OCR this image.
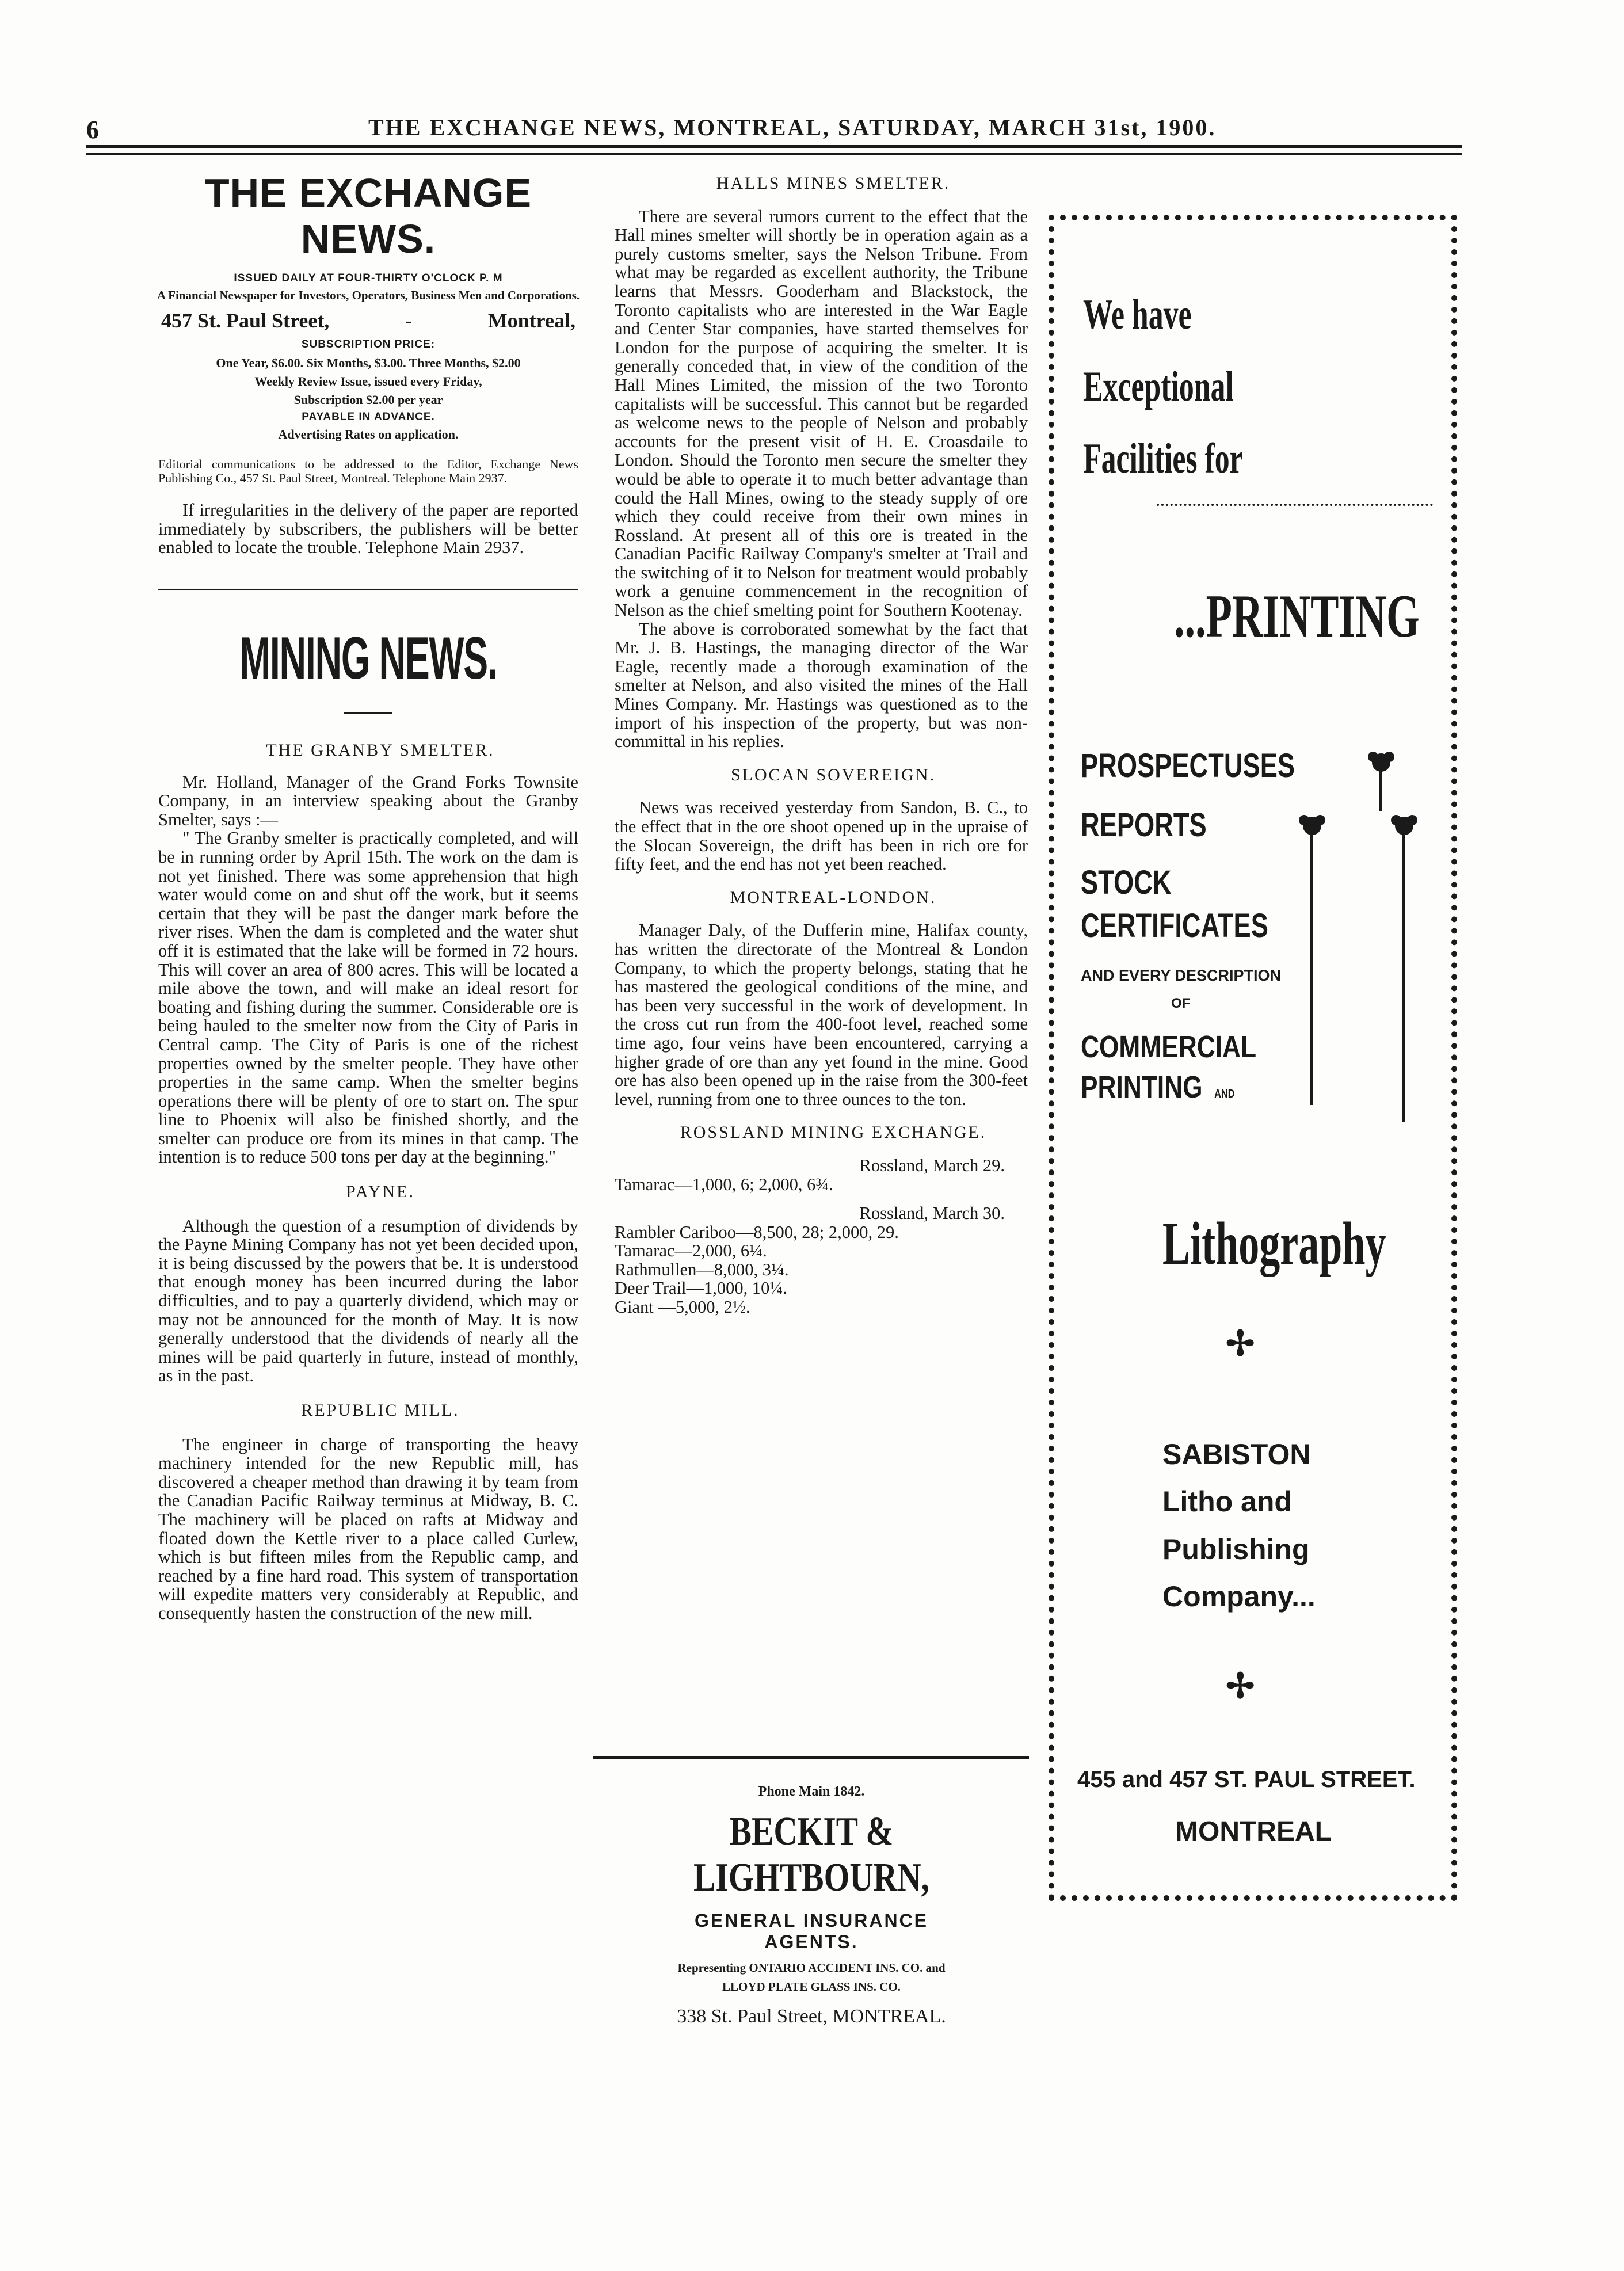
6	THE EXCHANGE NEWS, MONTREAL, SATURDAY, MARCH 31st, 1900.
THE EXCHANGE NEWS.
ISSUED DAILY AT FOUR-THIRTY O'CLOCK P. M
A Financial Newspaper for Investors, Operators, Business Men and Corporations.
457 St. Paul Street,	-	Montreal,
SUBSCRIPTION PRICE:
One Year, $6.00. Six Months, $3.00. Three Months, $2.00
Weekly Review Issue, issued every Friday,
Subscription $2.00 per year
PAYABLE IN ADVANCE.
Advertising Rates on application.

Editorial communications to be addressed to the Editor, Exchange News Publishing Co., 457 St. Paul Street, Montreal. Telephone Main 2937.

If irregularities in the delivery of the paper are reported immediately by subscribers, the publishers will be better enabled to locate the trouble. Telephone Main 2937.

MINING NEWS.

THE GRANBY SMELTER.

Mr. Holland, Manager of the Grand Forks Townsite Company, in an interview speaking about the Granby Smelter, says :—

" The Granby smelter is practically completed, and will be in running order by April 15th. The work on the dam is not yet finished. There was some apprehension that high water would come on and shut off the work, but it seems certain that they will be past the danger mark before the river rises. When the dam is completed and the water shut off it is estimated that the lake will be formed in 72 hours. This will cover an area of 800 acres. This will be located a mile above the town, and will make an ideal resort for boating and fishing during the summer. Considerable ore is being hauled to the smelter now from the City of Paris in Central camp. The City of Paris is one of the richest properties owned by the smelter people. They have other properties in the same camp. When the smelter begins operations there will be plenty of ore to start on. The spur line to Phoenix will also be finished shortly, and the smelter can produce ore from its mines in that camp. The intention is to reduce 500 tons per day at the beginning."

PAYNE.

Although the question of a resumption of dividends by the Payne Mining Company has not yet been decided upon, it is being discussed by the powers that be. It is understood that enough money has been incurred during the labor difficulties, and to pay a quarterly dividend, which may or may not be announced for the month of May. It is now generally understood that the dividends of nearly all the mines will be paid quarterly in future, instead of monthly, as in the past.

REPUBLIC MILL.

The engineer in charge of transporting the heavy machinery intended for the new Republic mill, has discovered a cheaper method than drawing it by team from the Canadian Pacific Railway terminus at Midway, B. C. The machinery will be placed on rafts at Midway and floated down the Kettle river to a place called Curlew, which is but fifteen miles from the Republic camp, and reached by a fine hard road. This system of transportation will expedite matters very considerably at Republic, and consequently hasten the construction of the new mill.

HALLS MINES SMELTER.

There are several rumors current to the effect that the Hall mines smelter will shortly be in operation again as a purely customs smelter, says the Nelson Tribune. From what may be regarded as excellent authority, the Tribune learns that Messrs. Gooderham and Blackstock, the Toronto capitalists who are interested in the War Eagle and Center Star companies, have started themselves for London for the purpose of acquiring the smelter. It is generally conceded that, in view of the condition of the Hall Mines Limited, the mission of the two Toronto capitalists will be successful. This cannot but be regarded as welcome news to the people of Nelson and probably accounts for the present visit of H. E. Croasdaile to London. Should the Toronto men secure the smelter they would be able to operate it to much better advantage than could the Hall Mines, owing to the steady supply of ore which they could receive from their own mines in Rossland. At present all of this ore is treated in the Canadian Pacific Railway Company's smelter at Trail and the switching of it to Nelson for treatment would probably work a genuine commencement in the recognition of Nelson as the chief smelting point for Southern Kootenay.

The above is corroborated somewhat by the fact that Mr. J. B. Hastings, the managing director of the War Eagle, recently made a thorough examination of the smelter at Nelson, and also visited the mines of the Hall Mines Company. Mr. Hastings was questioned as to the import of his inspection of the property, but was non-committal in his replies.

SLOCAN SOVEREIGN.

News was received yesterday from Sandon, B. C., to the effect that in the ore shoot opened up in the upraise of the Slocan Sovereign, the drift has been in rich ore for fifty feet, and the end has not yet been reached.

MONTREAL-LONDON.

Manager Daly, of the Dufferin mine, Halifax county, has written the directorate of the Montreal & London Company, to which the property belongs, stating that he has mastered the geological conditions of the mine, and has been very successful in the work of development. In the cross cut run from the 400-foot level, reached some time ago, four veins have been encountered, carrying a higher grade of ore than any yet found in the mine. Good ore has also been opened up in the raise from the 300-feet level, running from one to three ounces to the ton.

ROSSLAND MINING EXCHANGE.

Rossland, March 29.

Tamarac—1,000, 6; 2,000, 6¾.

Rossland, March 30.

Rambler Cariboo—8,500, 28; 2,000, 29.

Tamarac—2,000, 6¼.

Rathmullen—8,000, 3¼.

Deer Trail—1,000, 10¼.

Giant —5,000, 2½.

Phone Main 1842.
BECKIT & LIGHTBOURN,
GENERAL INSURANCE
AGENTS.
Representing ONTARIO ACCIDENT INS. CO. and
LLOYD PLATE GLASS INS. CO.
338 St. Paul Street, MONTREAL.
We have
Exceptional
Facilities for
...PRINTING
PROSPECTUSES
REPORTS
STOCK
CERTIFICATES
AND EVERY DESCRIPTION
OF
COMMERCIAL
PRINTING AND
Lithography
✢
SABISTON
Litho and
Publishing
Company...
✢
455 and 457 ST. PAUL STREET.
MONTREAL
